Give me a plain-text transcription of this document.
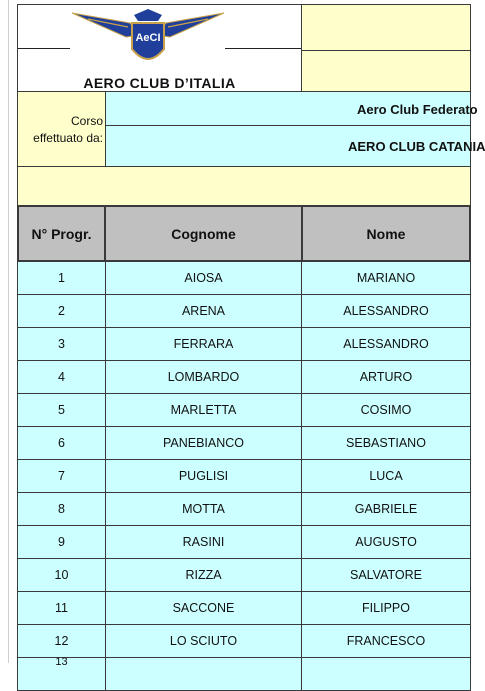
AeCI
AERO CLUB D’ITALIA
Corso
effettuato da:
Aero Club Federato
AERO CLUB CATANIA
N° Progr.	Cognome	Nome
1	AIOSA	MARIANO
2	ARENA	ALESSANDRO
3	FERRARA	ALESSANDRO
4	LOMBARDO	ARTURO
5	MARLETTA	COSIMO
6	PANEBIANCO	SEBASTIANO
7	PUGLISI	LUCA
8	MOTTA	GABRIELE
9	RASINI	AUGUSTO
10	RIZZA	SALVATORE
11	SACCONE	FILIPPO
12	LO SCIUTO	FRANCESCO
13
